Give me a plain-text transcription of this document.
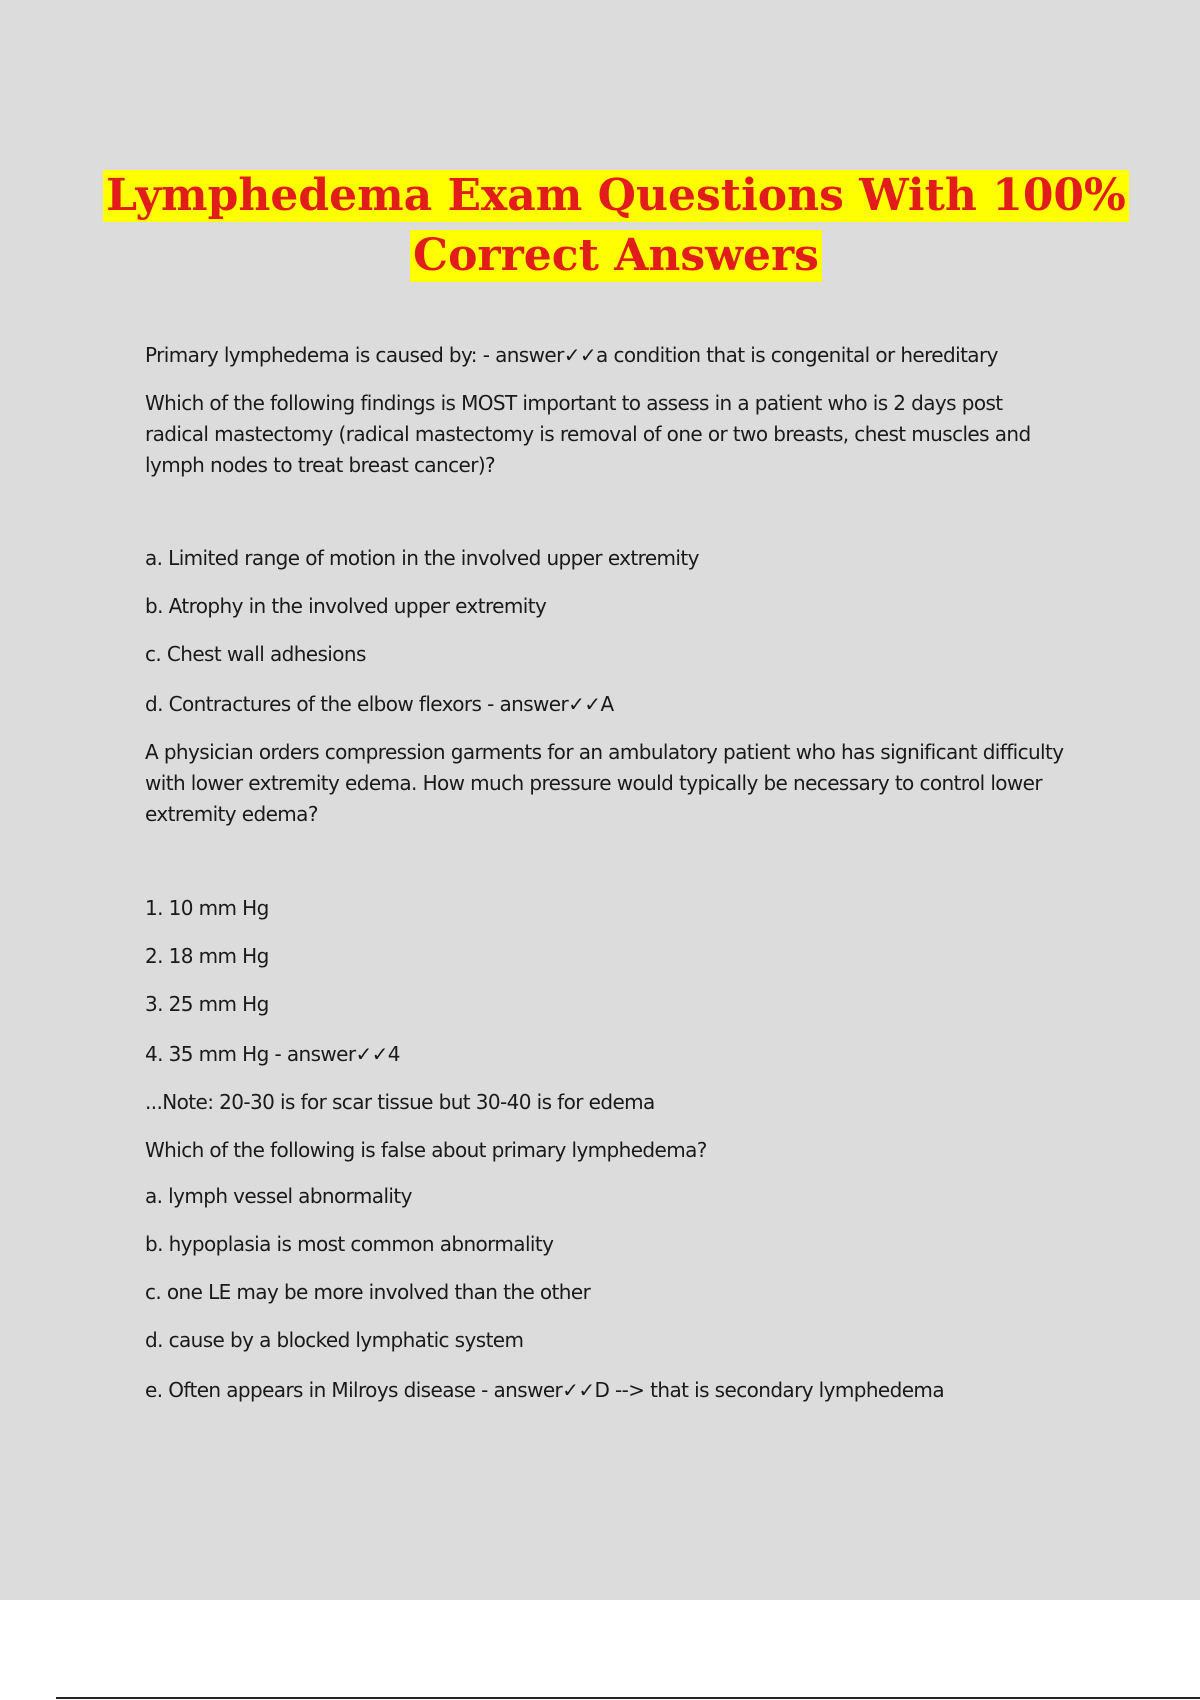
Lymphedema Exam Questions With 100%
Correct Answers

Primary lymphedema is caused by: - answer✓✓a condition that is congenital or hereditary

Which of the following findings is MOST important to assess in a patient who is 2 days post radical mastectomy (radical mastectomy is removal of one or two breasts, chest muscles and lymph nodes to treat breast cancer)?

a. Limited range of motion in the involved upper extremity

b. Atrophy in the involved upper extremity

c. Chest wall adhesions

d. Contractures of the elbow flexors - answer✓✓A

A physician orders compression garments for an ambulatory patient who has significant difficulty with lower extremity edema. How much pressure would typically be necessary to control lower extremity edema?

1. 10 mm Hg

2. 18 mm Hg

3. 25 mm Hg

4. 35 mm Hg - answer✓✓4

...Note: 20-30 is for scar tissue but 30-40 is for edema

Which of the following is false about primary lymphedema?

a. lymph vessel abnormality

b. hypoplasia is most common abnormality

c. one LE may be more involved than the other

d. cause by a blocked lymphatic system

e. Often appears in Milroys disease - answer✓✓D --> that is secondary lymphedema
